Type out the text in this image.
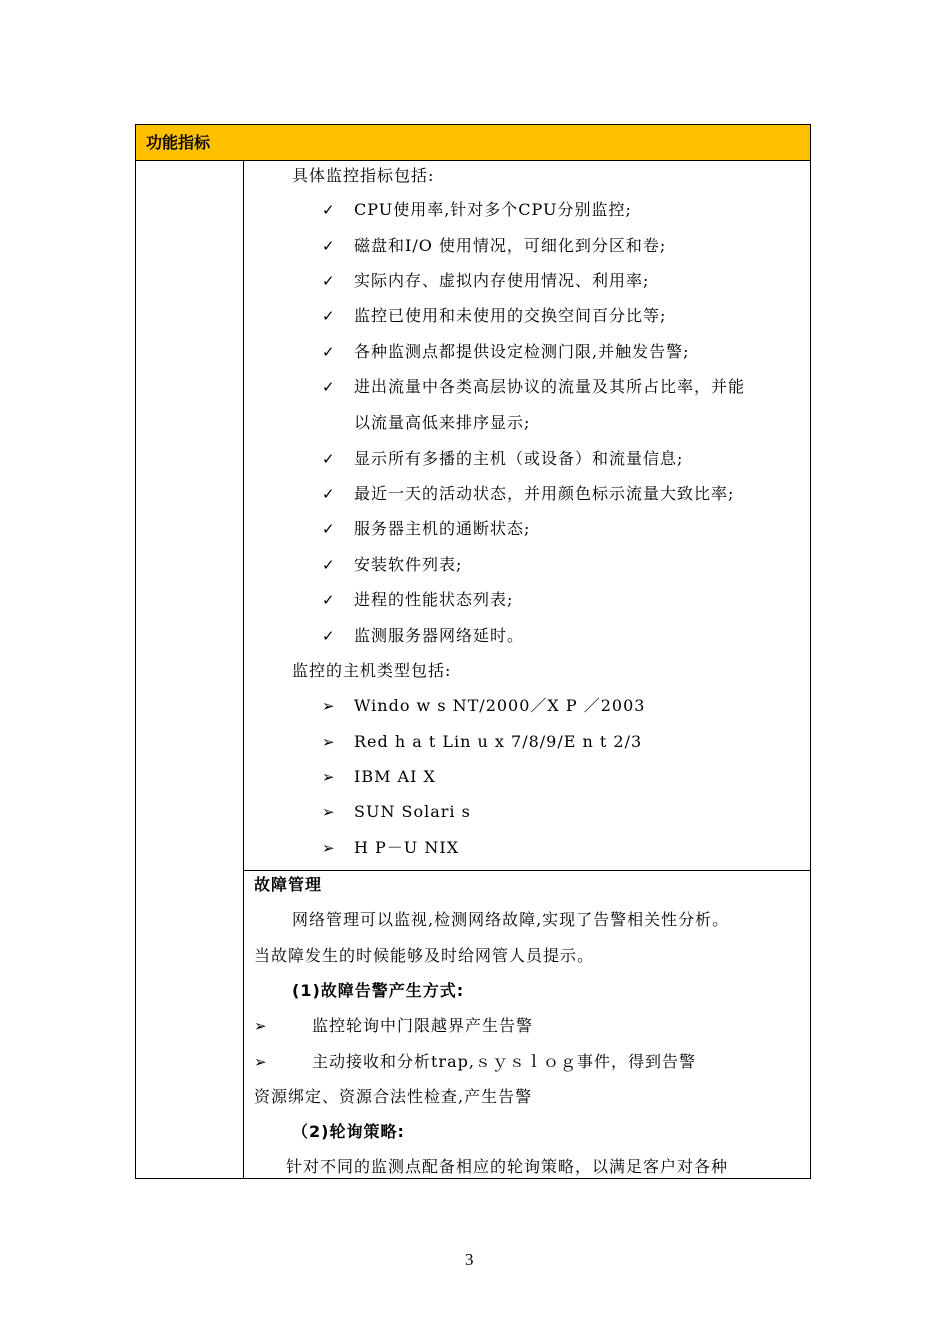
功能指标
具体监控指标包括:
✓ CPU使用率,针对多个CPU分别监控;
✓ 磁盘和I/O 使用情况，可细化到分区和卷;
✓ 实际内存、虚拟内存使用情况、利用率;
✓ 监控已使用和未使用的交换空间百分比等;
✓ 各种监测点都提供设定检测门限,并触发告警;
✓ 进出流量中各类高层协议的流量及其所占比率，并能
以流量高低来排序显示;
✓ 显示所有多播的主机（或设备）和流量信息;
✓ 最近一天的活动状态，并用颜色标示流量大致比率;
✓ 服务器主机的通断状态;
✓ 安装软件列表;
✓ 进程的性能状态列表;
✓ 监测服务器网络延时。
监控的主机类型包括:
➢ Windo w s NT/2000／X P ／2003
➢ Red h a t Lin u x 7/8/9/E n t 2/3
➢ IBM AI X
➢ SUN Solari s
➢ H P－U NIX
故障管理
网络管理可以监视,检测网络故障,实现了告警相关性分析。
当故障发生的时候能够及时给网管人员提示。
(1)故障告警产生方式:
➢	监控轮询中门限越界产生告警
➢	主动接收和分析trap,ｓｙｓｌｏｇ事件，得到告警
资源绑定、资源合法性检查,产生告警
（2)轮询策略:
针对不同的监测点配备相应的轮询策略，以满足客户对各种
3
